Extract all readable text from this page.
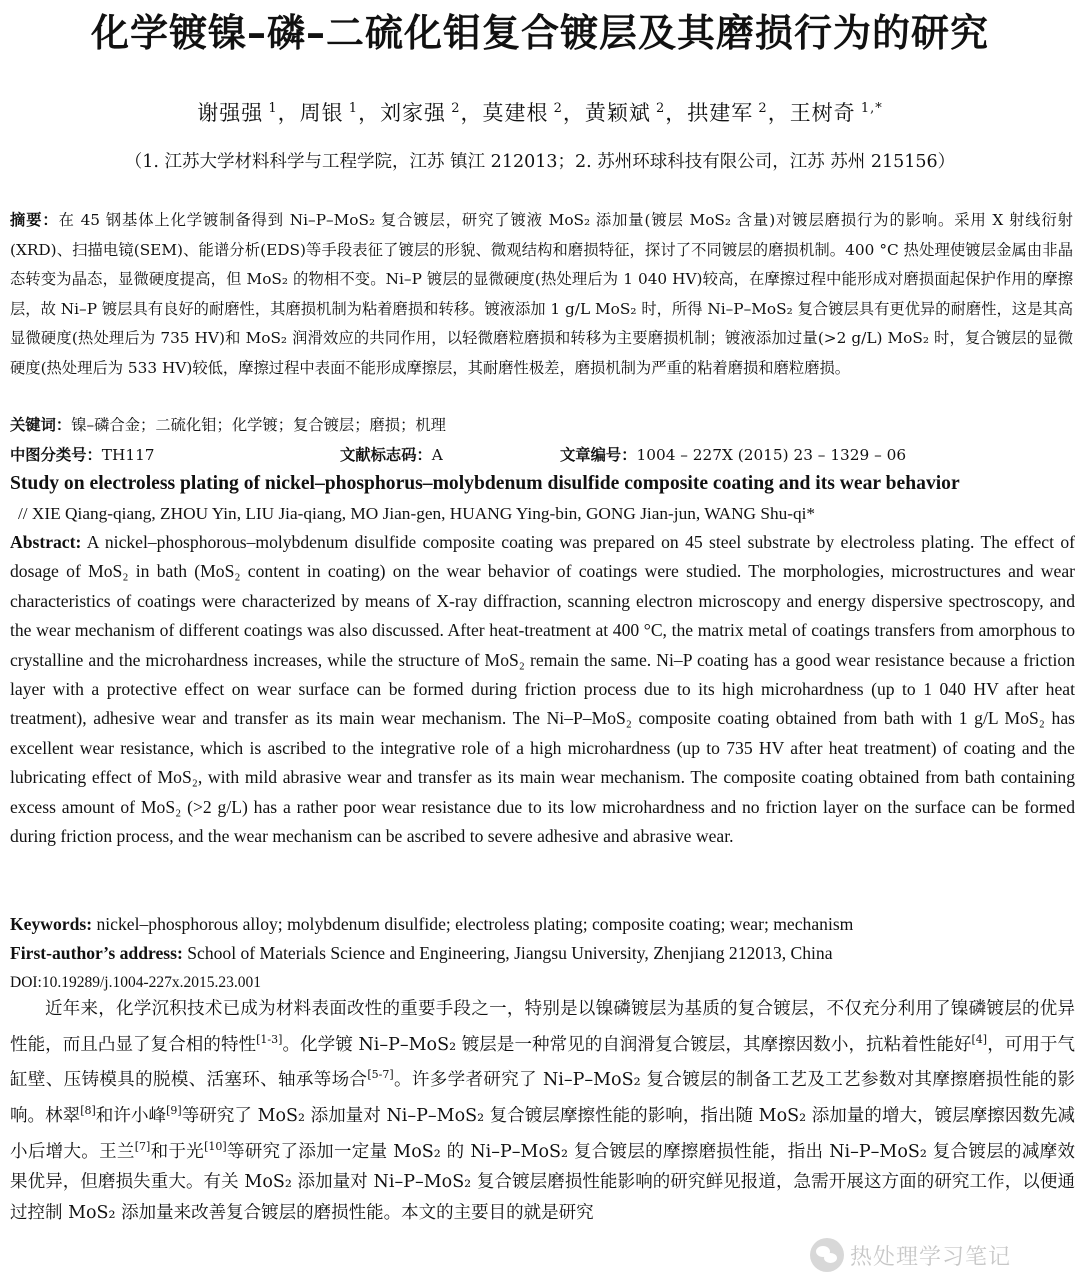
化学镀镍–磷–二硫化钼复合镀层及其磨损行为的研究
谢强强 $^1$，周银 $^1$，刘家强 $^2$，莫建根 $^2$，黄颖斌 $^2$，拱建军 $^2$，王树奇 $^{1,*}$
（1. 江苏大学材料科学与工程学院，江苏 镇江 212013；2. 苏州环球科技有限公司，江苏 苏州 215156）
摘要：在 45 钢基体上化学镀制备得到 Ni–P–MoS₂ 复合镀层，研究了镀液 MoS₂ 添加量(镀层 MoS₂ 含量)对镀层磨损行为的影响。采用 X 射线衍射(XRD)、扫描电镜(SEM)、能谱分析(EDS)等手段表征了镀层的形貌、微观结构和磨损特征，探讨了不同镀层的磨损机制。400 °C 热处理使镀层金属由非晶态转变为晶态，显微硬度提高，但 MoS₂ 的物相不变。Ni–P 镀层的显微硬度(热处理后为 1 040 HV)较高，在摩擦过程中能形成对磨损面起保护作用的摩擦层，故 Ni–P 镀层具有良好的耐磨性，其磨损机制为粘着磨损和转移。镀液添加 1 g/L MoS₂ 时，所得 Ni–P–MoS₂ 复合镀层具有更优异的耐磨性，这是其高显微硬度(热处理后为 735 HV)和 MoS₂ 润滑效应的共同作用，以轻微磨粒磨损和转移为主要磨损机制；镀液添加过量(>2 g/L) MoS₂ 时，复合镀层的显微硬度(热处理后为 533 HV)较低，摩擦过程中表面不能形成摩擦层，其耐磨性极差，磨损机制为严重的粘着磨损和磨粒磨损。
关键词：镍–磷合金；二硫化钼；化学镀；复合镀层；磨损；机理
中图分类号：TH117	文献标志码：A	文章编号：1004 – 227X (2015) 23 – 1329 – 06
Study on electroless plating of nickel–phosphorus–molybdenum disulfide composite coating and its wear behavior
// XIE Qiang-qiang, ZHOU Yin, LIU Jia-qiang, MO Jian-gen, HUANG Ying-bin, GONG Jian-jun, WANG Shu-qi*
Abstract: A nickel–phosphorous–molybdenum disulfide composite coating was prepared on 45 steel substrate by electroless plating. The effect of dosage of MoS₂ in bath (MoS₂ content in coating) on the wear behavior of coatings were studied. The morphologies, microstructures and wear characteristics of coatings were characterized by means of X-ray diffraction, scanning electron microscopy and energy dispersive spectroscopy, and the wear mechanism of different coatings was also discussed. After heat-treatment at 400 °C, the matrix metal of coatings transfers from amorphous to crystalline and the microhardness increases, while the structure of MoS₂ remain the same. Ni–P coating has a good wear resistance because a friction layer with a protective effect on wear surface can be formed during friction process due to its high microhardness (up to 1 040 HV after heat treatment), adhesive wear and transfer as its main wear mechanism. The Ni–P–MoS₂ composite coating obtained from bath with 1 g/L MoS₂ has excellent wear resistance, which is ascribed to the integrative role of a high microhardness (up to 735 HV after heat treatment) of coating and the lubricating effect of MoS₂, with mild abrasive wear and transfer as its main wear mechanism. The composite coating obtained from bath containing excess amount of MoS₂ (>2 g/L) has a rather poor wear resistance due to its low microhardness and no friction layer on the surface can be formed during friction process, and the wear mechanism can be ascribed to severe adhesive and abrasive wear.
Keywords: nickel–phosphorous alloy; molybdenum disulfide; electroless plating; composite coating; wear; mechanism
First-author’s address: School of Materials Science and Engineering, Jiangsu University, Zhenjiang 212013, China
DOI:10.19289/j.1004-227x.2015.23.001
近年来，化学沉积技术已成为材料表面改性的重要手段之一，特别是以镍磷镀层为基质的复合镀层，不仅充分利用了镍磷镀层的优异性能，而且凸显了复合相的特性[1-3]。化学镀 Ni–P–MoS₂ 镀层是一种常见的自润滑复合镀层，其摩擦因数小，抗粘着性能好[4]，可用于气缸壁、压铸模具的脱模、活塞环、轴承等场合[5-7]。许多学者研究了 Ni–P–MoS₂ 复合镀层的制备工艺及工艺参数对其摩擦磨损性能的影响。林翠[8]和许小峰[9]等研究了 MoS₂ 添加量对 Ni–P–MoS₂ 复合镀层摩擦性能的影响，指出随 MoS₂ 添加量的增大，镀层摩擦因数先减小后增大。王兰[7]和于光[10]等研究了添加一定量 MoS₂ 的 Ni–P–MoS₂ 复合镀层的摩擦磨损性能，指出 Ni–P–MoS₂ 复合镀层的减摩效果优异，但磨损失重大。有关 MoS₂ 添加量对 Ni–P–MoS₂ 复合镀层磨损性能影响的研究鲜见报道，急需开展这方面的研究工作，以便通过控制 MoS₂ 添加量来改善复合镀层的磨损性能。本文的主要目的就是研究
热处理学习笔记
